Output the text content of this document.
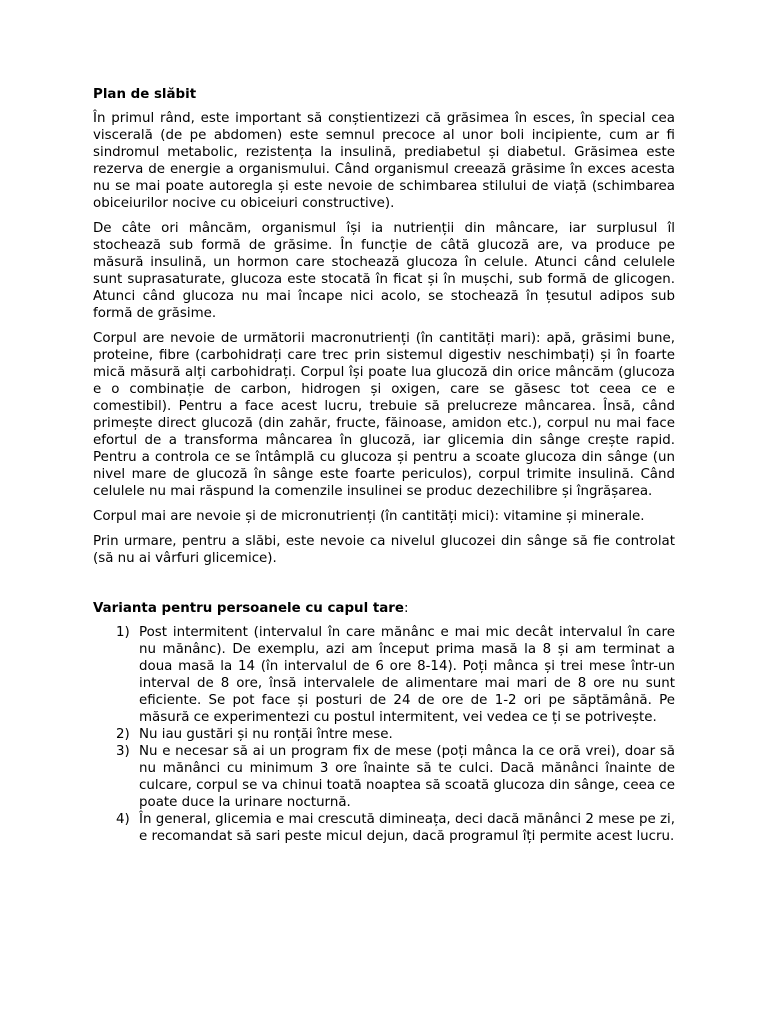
Plan de slăbit

În primul rând, este important să conștientizezi că grăsimea în esces, în special cea viscerală (de pe abdomen) este semnul precoce al unor boli incipiente, cum ar fi sindromul metabolic, rezistența la insulină, prediabetul și diabetul. Grăsimea este rezerva de energie a organismului. Când organismul creează grăsime în exces acesta nu se mai poate autoregla și este nevoie de schimbarea stilului de viață (schimbarea obiceiurilor nocive cu obiceiuri constructive).

De câte ori mâncăm, organismul își ia nutrienții din mâncare, iar surplusul îl stochează sub formă de grăsime. În funcție de câtă glucoză are, va produce pe măsură insulină, un hormon care stochează glucoza în celule. Atunci când celulele sunt suprasaturate, glucoza este stocată în ficat și în mușchi, sub formă de glicogen. Atunci când glucoza nu mai încape nici acolo, se stochează în țesutul adipos sub formă de grăsime.

Corpul are nevoie de următorii macronutrienți (în cantități mari): apă, grăsimi bune, proteine, fibre (carbohidrați care trec prin sistemul digestiv neschimbați) și în foarte mică măsură alți carbohidrați. Corpul își poate lua glucoză din orice mâncăm (glucoza e o combinație de carbon, hidrogen și oxigen, care se găsesc tot ceea ce e comestibil). Pentru a face acest lucru, trebuie să prelucreze mâncarea. Însă, când primește direct glucoză (din zahăr, fructe, făinoase, amidon etc.), corpul nu mai face efortul de a transforma mâncarea în glucoză, iar glicemia din sânge crește rapid. Pentru a controla ce se întâmplă cu glucoza și pentru a scoate glucoza din sânge (un nivel mare de glucoză în sânge este foarte periculos), corpul trimite insulină. Când celulele nu mai răspund la comenzile insulinei se produc dezechilibre și îngrășarea.

Corpul mai are nevoie și de micronutrienți (în cantități mici): vitamine și minerale.

Prin urmare, pentru a slăbi, este nevoie ca nivelul glucozei din sânge să fie controlat (să nu ai vârfuri glicemice).

Varianta pentru persoanele cu capul tare:
1) Post intermitent (intervalul în care mănânc e mai mic decât intervalul în care nu mănânc). De exemplu, azi am început prima masă la 8 și am terminat a doua masă la 14 (în intervalul de 6 ore 8-14). Poți mânca și trei mese într-un interval de 8 ore, însă intervalele de alimentare mai mari de 8 ore nu sunt eficiente. Se pot face și posturi de 24 de ore de 1-2 ori pe săptămână. Pe măsură ce experimentezi cu postul intermitent, vei vedea ce ți se potrivește.
2) Nu iau gustări și nu ronțăi între mese.
3) Nu e necesar să ai un program fix de mese (poți mânca la ce oră vrei), doar să nu mănânci cu minimum 3 ore înainte să te culci. Dacă mănânci înainte de culcare, corpul se va chinui toată noaptea să scoată glucoza din sânge, ceea ce poate duce la urinare nocturnă.
4) În general, glicemia e mai crescută dimineața, deci dacă mănânci 2 mese pe zi, e recomandat să sari peste micul dejun, dacă programul îți permite acest lucru.
